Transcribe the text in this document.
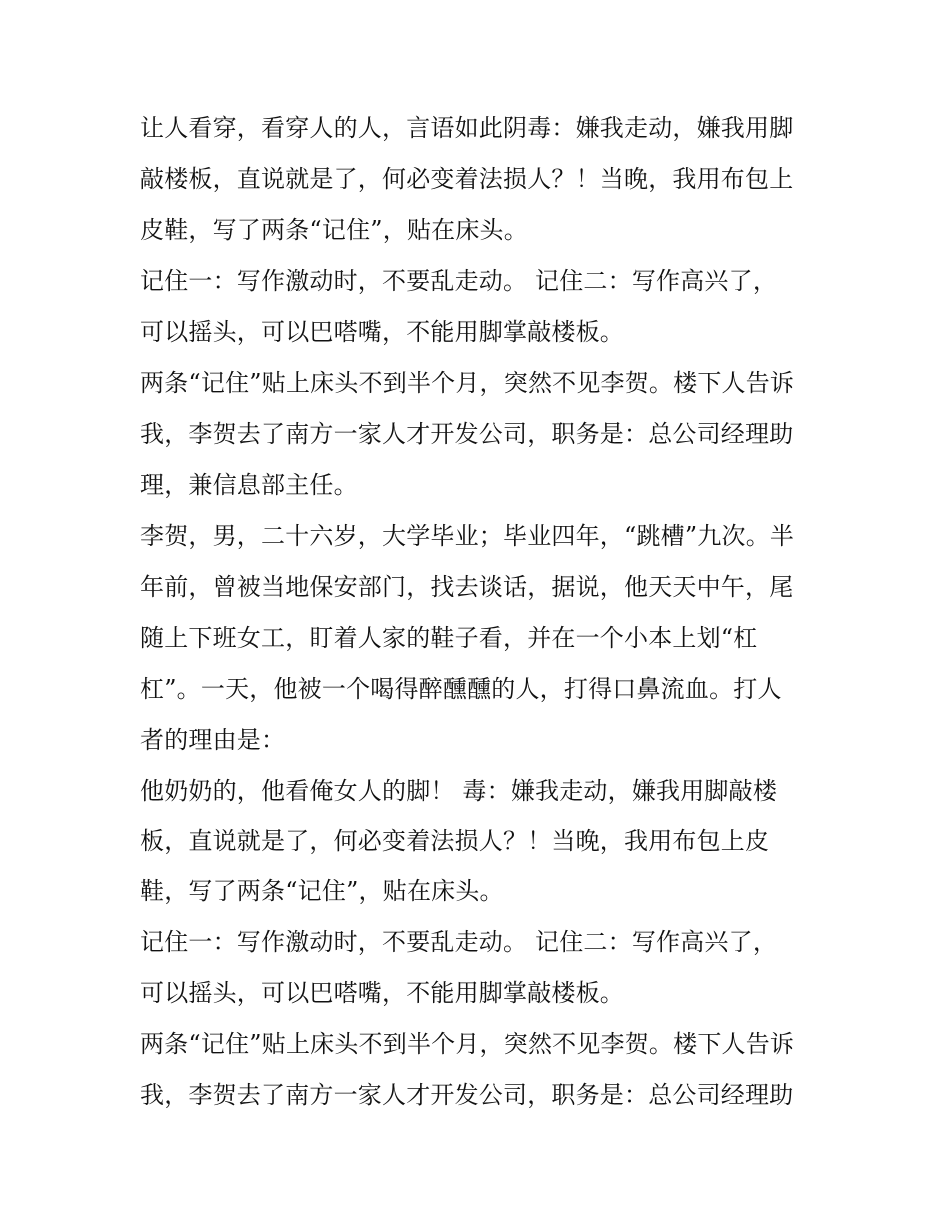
让人看穿，看穿人的人，言语如此阴毒：嫌我走动，嫌我用脚
敲楼板，直说就是了，何必变着法损人？！当晚，我用布包上
皮鞋，写了两条“记住”，贴在床头。
记住一：写作激动时，不要乱走动。 记住二：写作高兴了，
可以摇头，可以巴嗒嘴，不能用脚掌敲楼板。
两条“记住”贴上床头不到半个月，突然不见李贺。楼下人告诉
我，李贺去了南方一家人才开发公司，职务是：总公司经理助
理，兼信息部主任。
李贺，男，二十六岁，大学毕业；毕业四年，“跳槽”九次。半
年前，曾被当地保安部门，找去谈话，据说，他天天中午，尾
随上下班女工，盯着人家的鞋子看，并在一个小本上划“杠
杠”。一天，他被一个喝得醉醺醺的人，打得口鼻流血。打人
者的理由是：
他奶奶的，他看俺女人的脚！ 毒：嫌我走动，嫌我用脚敲楼
板，直说就是了，何必变着法损人？！当晚，我用布包上皮
鞋，写了两条“记住”，贴在床头。
记住一：写作激动时，不要乱走动。 记住二：写作高兴了，
可以摇头，可以巴嗒嘴，不能用脚掌敲楼板。
两条“记住”贴上床头不到半个月，突然不见李贺。楼下人告诉
我，李贺去了南方一家人才开发公司，职务是：总公司经理助
